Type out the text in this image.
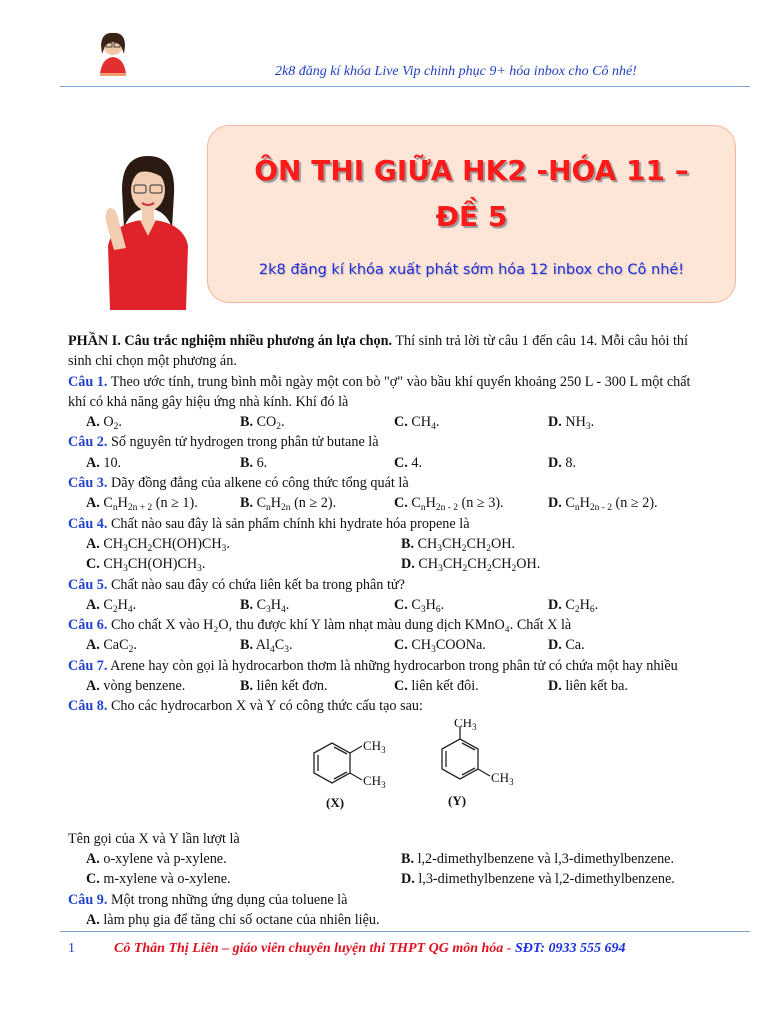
2k8 đăng kí khóa Live Vip chinh phục 9+ hóa inbox cho Cô nhé!
ÔN THI GIỮA HK2 -HÓA 11 –
ĐỀ 5
2k8 đăng kí khóa xuất phát sớm hóa 12 inbox cho Cô nhé!

PHẦN I. Câu trắc nghiệm nhiều phương án lựa chọn. Thí sinh trả lời từ câu 1 đến câu 14. Mỗi câu hỏi thí sinh chỉ chọn một phương án.

Câu 1. Theo ước tính, trung bình mỗi ngày một con bò "ợ" vào bầu khí quyển khoảng 250 L - 300 L một chất khí có khả năng gây hiệu ứng nhà kính. Khí đó là

A. $O_2$.	B. $CO_2$.	C. $CH_4$.	D. $NH_3$.

Câu 2. Số nguyên tử hydrogen trong phân tử butane là

A. 10.	B. 6.	C. 4.	D. 8.

Câu 3. Dãy đồng đẳng của alkene có công thức tổng quát là

A. $C_nH_{2n + 2}$ (n ≥ 1).	B. $C_nH_{2n}$ (n ≥ 2).	C. $C_nH_{2n - 2}$ (n ≥ 3).	D. $C_nH_{2n - 2}$ (n ≥ 2).

Câu 4. Chất nào sau đây là sản phẩm chính khi hydrate hóa propene là

A. $CH_3CH_2CH(OH)CH_3$.	B. $CH_3CH_2CH_2OH$.
C. $CH_3CH(OH)CH_3$.	D. $CH_3CH_2CH_2CH_2OH$.

Câu 5. Chất nào sau đây có chứa liên kết ba trong phân tử?

A. $C_2H_4$.	B. $C_3H_4$.	C. $C_3H_6$.	D. $C_2H_6$.

Câu 6. Cho chất X vào H₂O, thu được khí Y làm nhạt màu dung dịch KMnO₄. Chất X là

A. CaC$_2$.	B. $Al_4C_3$.	C. $CH_3COONa$.	D. Ca.

Câu 7. Arene hay còn gọi là hydrocarbon thơm là những hydrocarbon trong phân tử có chứa một hay nhiều

A. vòng benzene.	B. liên kết đơn.	C. liên kết đôi.	D. liên kết ba.

Câu 8. Cho các hydrocarbon X và Y có công thức cấu tạo sau:

$CH_3$
$CH_3$
(X)
$CH_3$
$CH_3$
(Y)

Tên gọi của X và Y lần lượt là

A. o-xylene và p-xylene.	B. l,2-dimethylbenzene và l,3-dimethylbenzene.
C. m-xylene và o-xylene.	D. l,3-dimethylbenzene và l,2-dimethylbenzene.

Câu 9. Một trong những ứng dụng của toluene là

A. làm phụ gia để tăng chỉ số octane của nhiên liệu.
1	Cô Thân Thị Liên – giáo viên chuyên luyện thi THPT QG môn hóa - SĐT: 0933 555 694
